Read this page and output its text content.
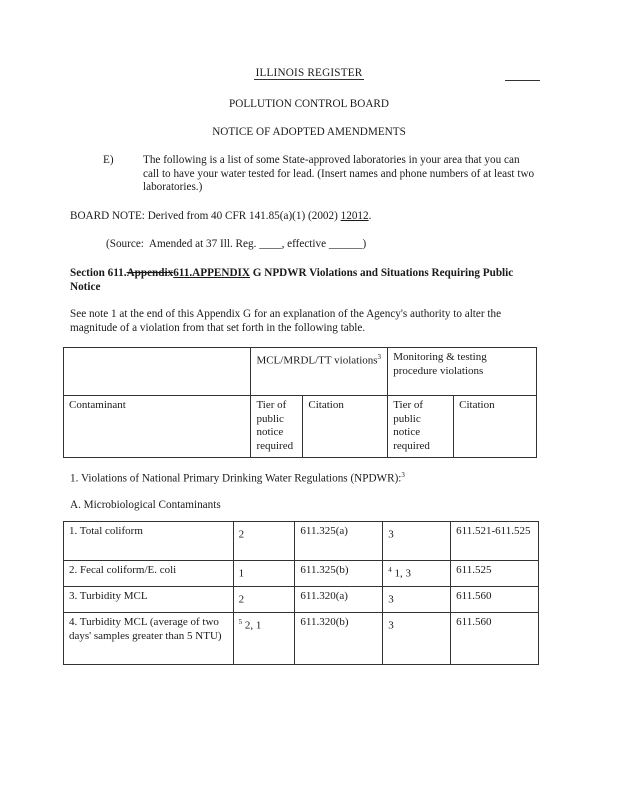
ILLINOIS REGISTER
POLLUTION CONTROL BOARD
NOTICE OF ADOPTED AMENDMENTS
E)	The following is a list of some State-approved laboratories in your area that you can call to have your water tested for lead. (Insert names and phone numbers of at least two laboratories.)
BOARD NOTE: Derived from 40 CFR 141.85(a)(1) (2002) 12012.
(Source:  Amended at 37 Ill. Reg. ____, effective ______)
Section 611.Appendix611.APPENDIX G NPDWR Violations and Situations Requiring Public Notice
See note 1 at the end of this Appendix G for an explanation of the Agency's authority to alter the magnitude of a violation from that set forth in the following table.
	MCL/MRDL/TT violations$^3$		Monitoring & testing procedure violations	
Contaminant	Tier of public notice required	Citation	Tier of public notice required	Citation
1. Violations of National Primary Drinking Water Regulations (NPDWR):$^3$
A. Microbiological Contaminants
1. Total coliform	2	611.325(a)	3	611.521-611.525
2. Fecal coliform/E. coli	1	611.325(b)	$^4$ 1, 3	611.525
3. Turbidity MCL	2	611.320(a)	3	611.560
4. Turbidity MCL (average of two days' samples greater than 5 NTU)	$^5$ 2, 1	611.320(b)	3	611.560
